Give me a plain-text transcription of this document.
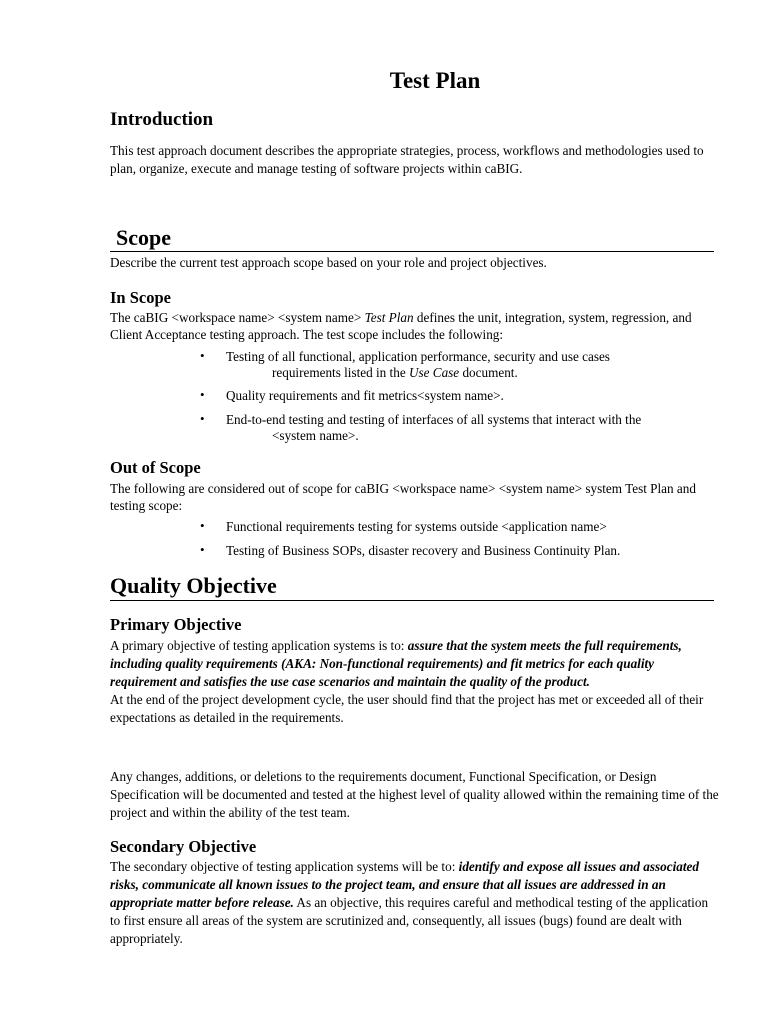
Test Plan
Introduction

This test approach document describes the appropriate strategies, process, workflows and methodologies used to plan, organize, execute and manage testing of software projects within caBIG.

Scope

Describe the current test approach scope based on your role and project objectives.

In Scope

The caBIG <workspace name> <system name> Test Plan defines the unit, integration, system, regression, and Client Acceptance testing approach. The test scope includes the following:

• Testing of all functional, application performance, security and use cases
requirements listed in the Use Case document.
• Quality requirements and fit metrics<system name>.
• End-to-end testing and testing of interfaces of all systems that interact with the
<system name>.
Out of Scope

The following are considered out of scope for caBIG <workspace name> <system name> system Test Plan and testing scope:

• Functional requirements testing for systems outside <application name>
• Testing of Business SOPs, disaster recovery and Business Continuity Plan.
Quality Objective
Primary Objective

A primary objective of testing application systems is to: assure that the system meets the full requirements, including quality requirements (AKA: Non-functional requirements) and fit metrics for each quality requirement and satisfies the use case scenarios and maintain the quality of the product.
At the end of the project development cycle, the user should find that the project has met or exceeded all of their expectations as detailed in the requirements.

Any changes, additions, or deletions to the requirements document, Functional Specification, or Design Specification will be documented and tested at the highest level of quality allowed within the remaining time of the project and within the ability of the test team.

Secondary Objective

The secondary objective of testing application systems will be to: identify and expose all issues and associated risks, communicate all known issues to the project team, and ensure that all issues are addressed in an appropriate matter before release. As an objective, this requires careful and methodical testing of the application to first ensure all areas of the system are scrutinized and, consequently, all issues (bugs) found are dealt with appropriately.
